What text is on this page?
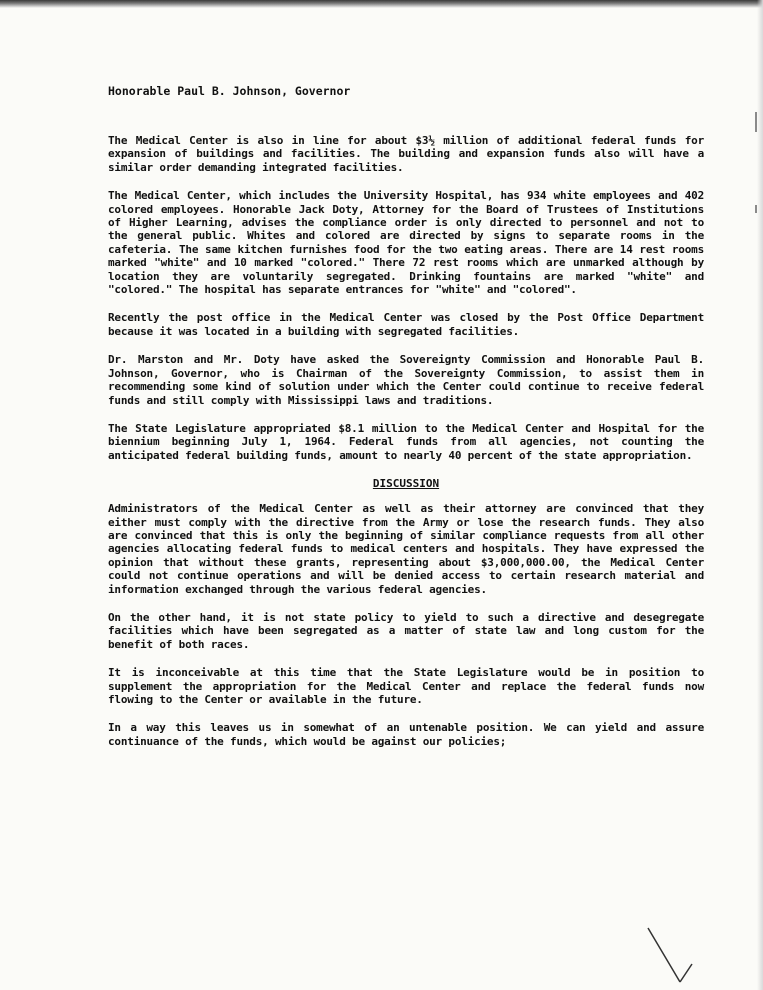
Honorable Paul B. Johnson, Governor

The Medical Center is also in line for about $3½ million of additional federal funds for expansion of buildings and facilities. The building and expansion funds also will have a similar order demanding integrated facilities.

The Medical Center, which includes the University Hospital, has 934 white employees and 402 colored employees. Honorable Jack Doty, Attorney for the Board of Trustees of Institutions of Higher Learning, advises the compliance order is only directed to personnel and not to the general public. Whites and colored are directed by signs to separate rooms in the cafeteria. The same kitchen furnishes food for the two eating areas. There are 14 rest rooms marked "white" and 10 marked "colored." There 72 rest rooms which are unmarked although by location they are voluntarily segregated. Drinking fountains are marked "white" and "colored." The hospital has separate entrances for "white" and "colored".

Recently the post office in the Medical Center was closed by the Post Office Department because it was located in a building with segregated facilities.

Dr. Marston and Mr. Doty have asked the Sovereignty Commission and Honorable Paul B. Johnson, Governor, who is Chairman of the Sovereignty Commission, to assist them in recommending some kind of solution under which the Center could continue to receive federal funds and still comply with Mississippi laws and traditions.

The State Legislature appropriated $8.1 million to the Medical Center and Hospital for the biennium beginning July 1, 1964. Federal funds from all agencies, not counting the anticipated federal building funds, amount to nearly 40 percent of the state appropriation.

DISCUSSION

Administrators of the Medical Center as well as their attorney are convinced that they either must comply with the directive from the Army or lose the research funds. They also are convinced that this is only the beginning of similar compliance requests from all other agencies allocating federal funds to medical centers and hospitals. They have expressed the opinion that without these grants, representing about $3,000,000.00, the Medical Center could not continue operations and will be denied access to certain research material and information exchanged through the various federal agencies.

On the other hand, it is not state policy to yield to such a directive and desegregate facilities which have been segregated as a matter of state law and long custom for the benefit of both races.

It is inconceivable at this time that the State Legislature would be in position to supplement the appropriation for the Medical Center and replace the federal funds now flowing to the Center or available in the future.

In a way this leaves us in somewhat of an untenable position. We can yield and assure continuance of the funds, which would be against our policies;
